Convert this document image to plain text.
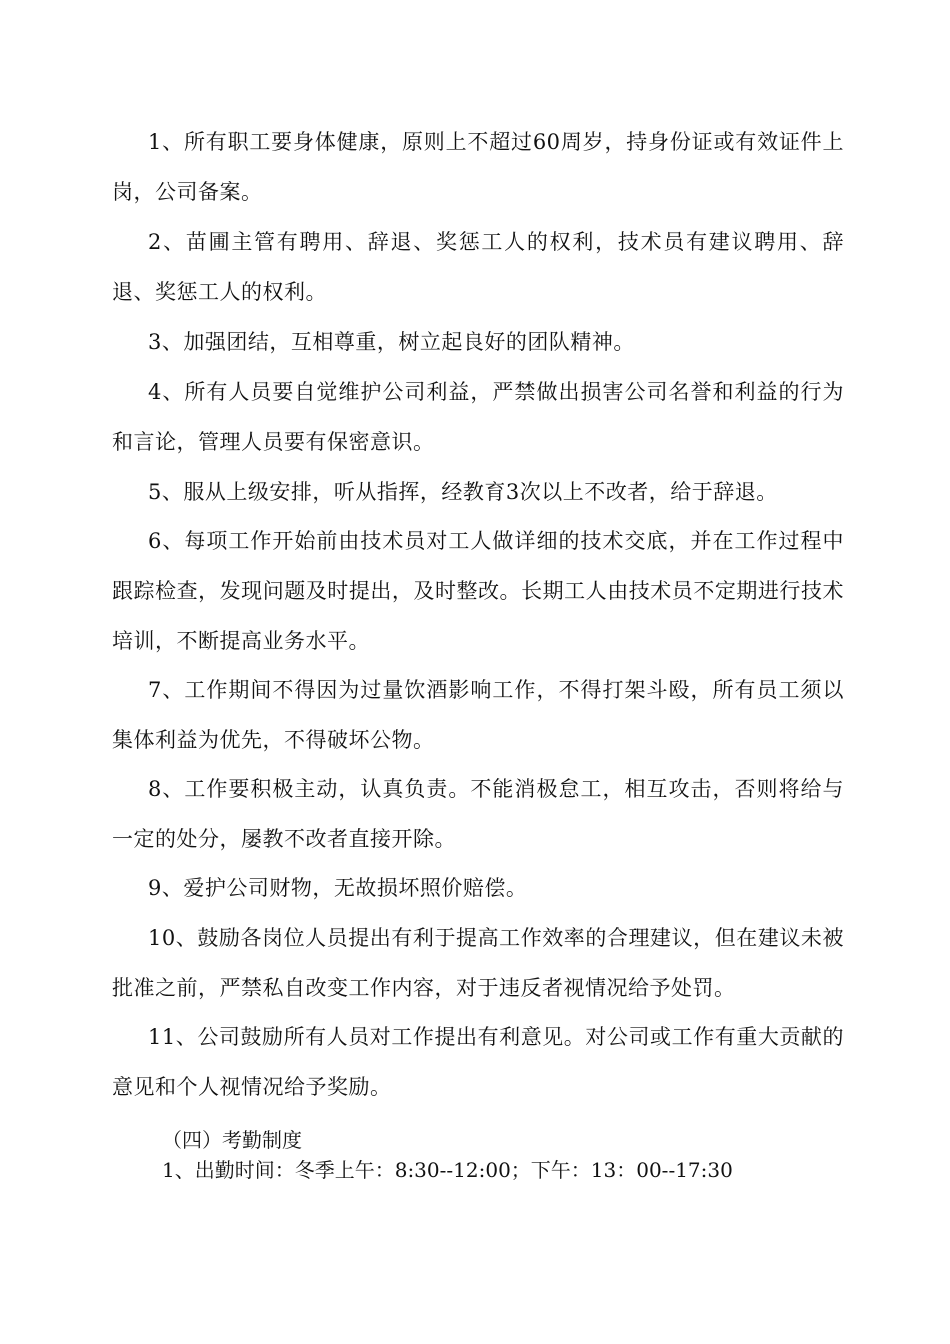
1、所有职工要身体健康，原则上不超过60周岁，持身份证或有效证件上岗，公司备案。

2、苗圃主管有聘用、辞退、奖惩工人的权利，技术员有建议聘用、辞退、奖惩工人的权利。

3、加强团结，互相尊重，树立起良好的团队精神。

4、所有人员要自觉维护公司利益，严禁做出损害公司名誉和利益的行为和言论，管理人员要有保密意识。

5、服从上级安排，听从指挥，经教育3次以上不改者，给于辞退。

6、每项工作开始前由技术员对工人做详细的技术交底，并在工作过程中跟踪检查，发现问题及时提出，及时整改。长期工人由技术员不定期进行技术培训，不断提高业务水平。

7、工作期间不得因为过量饮酒影响工作，不得打架斗殴，所有员工须以集体利益为优先，不得破坏公物。

8、工作要积极主动，认真负责。不能消极怠工，相互攻击，否则将给与一定的处分，屡教不改者直接开除。

9、爱护公司财物，无故损坏照价赔偿。

10、鼓励各岗位人员提出有利于提高工作效率的合理建议，但在建议未被批准之前，严禁私自改变工作内容，对于违反者视情况给予处罚。

11、公司鼓励所有人员对工作提出有利意见。对公司或工作有重大贡献的意见和个人视情况给予奖励。

（四）考勤制度

1、出勤时间：冬季上午：8:30--12:00；下午：13：00--17:30
